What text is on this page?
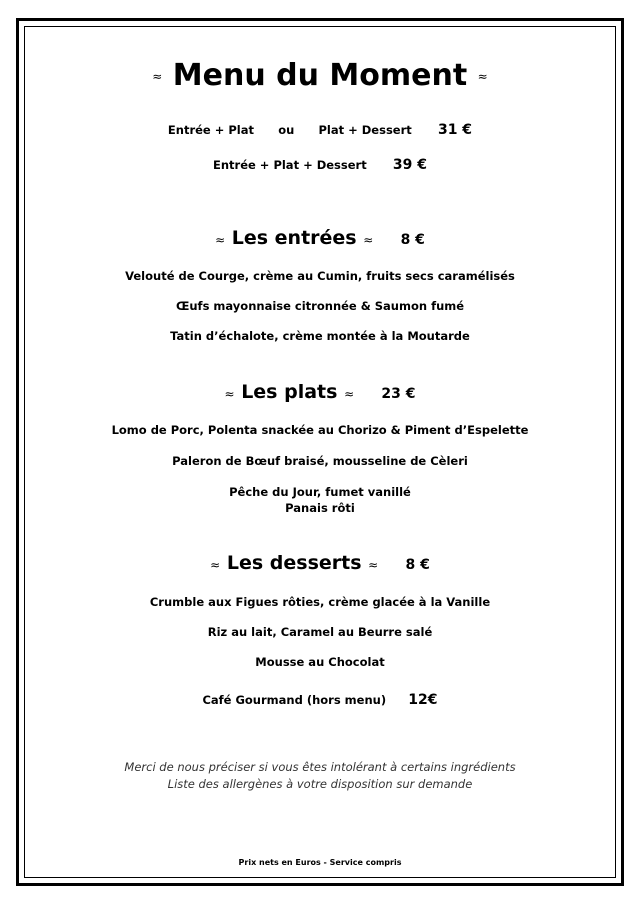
≈ Menu du Moment ≈
Entrée + Plat ou Plat + Dessert 31 €
Entrée + Plat + Dessert 39 €
≈ Les entrées ≈ 8 €
Velouté de Courge, crème au Cumin, fruits secs caramélisés
Œufs mayonnaise citronnée & Saumon fumé
Tatin d’échalote, crème montée à la Moutarde
≈ Les plats ≈ 23 €
Lomo de Porc, Polenta snackée au Chorizo & Piment d’Espelette
Paleron de Bœuf braisé, mousseline de Cèleri
Pêche du Jour, fumet vanillé
Panais rôti
≈ Les desserts ≈ 8 €
Crumble aux Figues rôties, crème glacée à la Vanille
Riz au lait, Caramel au Beurre salé
Mousse au Chocolat
Café Gourmand (hors menu) 12€
Merci de nous préciser si vous êtes intolérant à certains ingrédients
Liste des allergènes à votre disposition sur demande
Prix nets en Euros - Service compris
